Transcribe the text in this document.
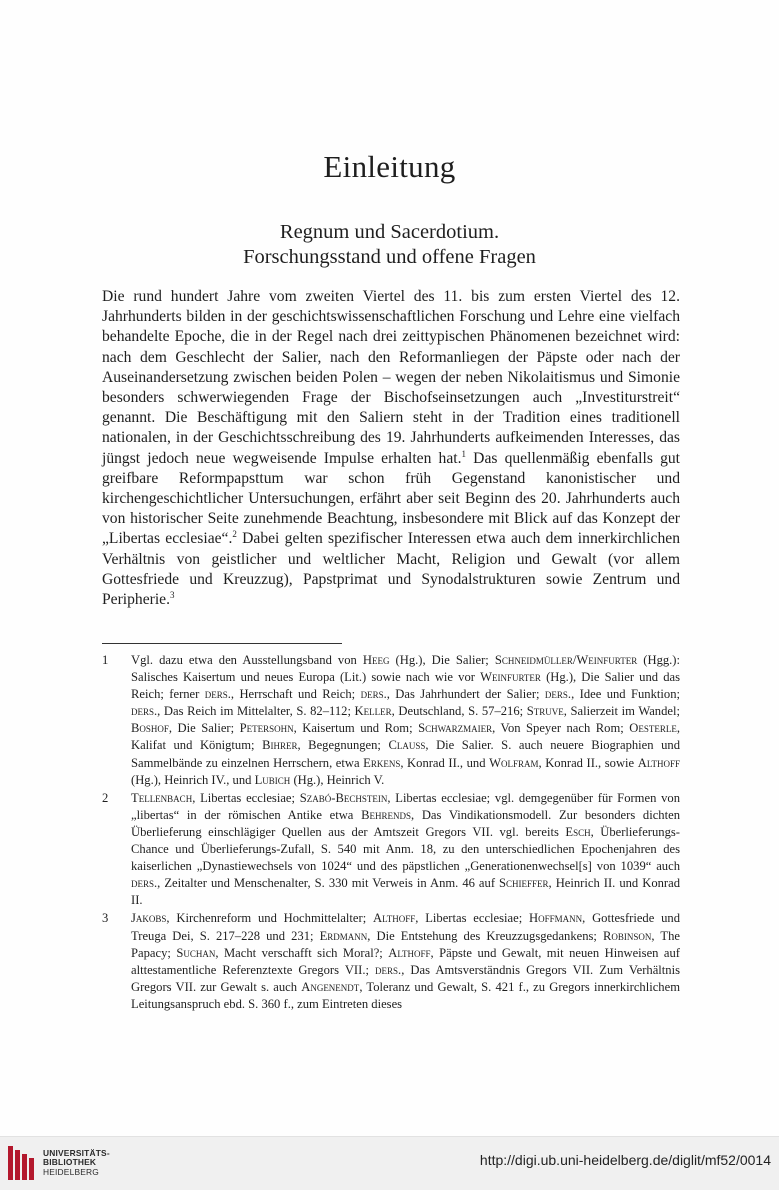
Einleitung
Regnum und Sacerdotium.
Forschungsstand und offene Fragen

Die rund hundert Jahre vom zweiten Viertel des 11. bis zum ersten Viertel des 12. Jahrhunderts bilden in der geschichtswissenschaftlichen Forschung und Lehre eine vielfach behandelte Epoche, die in der Regel nach drei zeittypischen Phänomenen bezeichnet wird: nach dem Geschlecht der Salier, nach den Reformanliegen der Päpste oder nach der Auseinandersetzung zwischen beiden Polen – wegen der neben Nikolaitismus und Simonie besonders schwerwiegenden Frage der Bischofseinsetzungen auch „Investiturstreit“ genannt. Die Beschäftigung mit den Saliern steht in der Tradition eines traditionell nationalen, in der Geschichtsschreibung des 19. Jahrhunderts aufkeimenden Interesses, das jüngst jedoch neue wegweisende Impulse erhalten hat.$^1$ Das quellenmäßig ebenfalls gut greifbare Reformpapsttum war schon früh Gegenstand kanonistischer und kirchengeschichtlicher Untersuchungen, erfährt aber seit Beginn des 20. Jahrhunderts auch von historischer Seite zunehmende Beachtung, insbesondere mit Blick auf das Konzept der „Libertas ecclesiae“.$^2$ Dabei gelten spezifischer Interessen etwa auch dem innerkirchlichen Verhältnis von geistlicher und weltlicher Macht, Religion und Gewalt (vor allem Gottesfriede und Kreuzzug), Papstprimat und Synodalstrukturen sowie Zentrum und Peripherie.$^3$

1	Vgl. dazu etwa den Ausstellungsband von Heeg (Hg.), Die Salier; Schneidmüller/Weinfurter (Hgg.): Salisches Kaisertum und neues Europa (Lit.) sowie nach wie vor Weinfurter (Hg.), Die Salier und das Reich; ferner ders., Herrschaft und Reich; ders., Das Jahrhundert der Salier; ders., Idee und Funktion; ders., Das Reich im Mittelalter, S. 82–112; Keller, Deutschland, S. 57–216; Struve, Salierzeit im Wandel; Boshof, Die Salier; Petersohn, Kaisertum und Rom; Schwarzmaier, Von Speyer nach Rom; Oesterle, Kalifat und Königtum; Bihrer, Begegnungen; Clauss, Die Salier. S. auch neuere Biographien und Sammelbände zu einzelnen Herrschern, etwa Erkens, Konrad II., und Wolfram, Konrad II., sowie Althoff (Hg.), Heinrich IV., und Lubich (Hg.), Heinrich V.
2	Tellenbach, Libertas ecclesiae; Szabó-Bechstein, Libertas ecclesiae; vgl. demgegenüber für Formen von „libertas“ in der römischen Antike etwa Behrends, Das Vindikationsmodell. Zur besonders dichten Überlieferung einschlägiger Quellen aus der Amtszeit Gregors VII. vgl. bereits Esch, Überlieferungs-Chance und Überlieferungs-Zufall, S. 540 mit Anm. 18, zu den unterschiedlichen Epochenjahren des kaiserlichen „Dynastiewechsels von 1024“ und des päpstlichen „Generationenwechsel[s] von 1039“ auch ders., Zeitalter und Menschenalter, S. 330 mit Verweis in Anm. 46 auf Schieffer, Heinrich II. und Konrad II.
3	Jakobs, Kirchenreform und Hochmittelalter; Althoff, Libertas ecclesiae; Hoffmann, Gottesfriede und Treuga Dei, S. 217–228 und 231; Erdmann, Die Entstehung des Kreuzzugsgedankens; Robinson, The Papacy; Suchan, Macht verschafft sich Moral?; Althoff, Päpste und Gewalt, mit neuen Hinweisen auf alttestamentliche Referenztexte Gregors VII.; ders., Das Amtsverständnis Gregors VII. Zum Verhältnis Gregors VII. zur Gewalt s. auch Angenendt, Toleranz und Gewalt, S. 421 f., zu Gregors innerkirchlichem Leitungsanspruch ebd. S. 360 f., zum Eintreten dieses
UNIVERSITÄTS-
BIBLIOTHEK
HEIDELBERG
http://digi.ub.uni-heidelberg.de/diglit/mf52/0014
